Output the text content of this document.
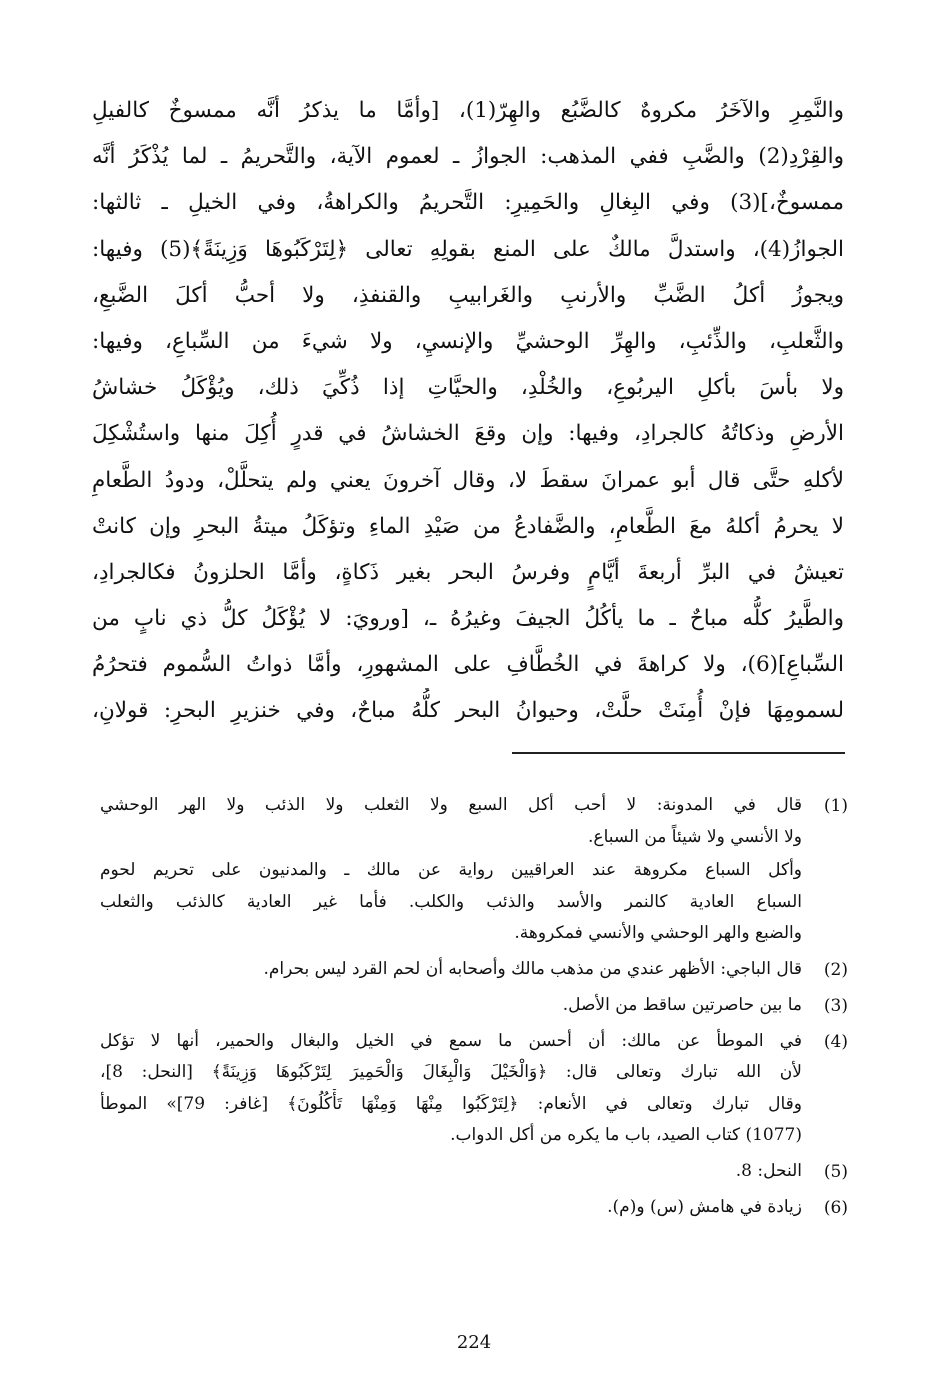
والنَّمِرِ والآخَرُ مكروهٌ كالضَّبُع والهِرّ(1)، [وأمَّا ما يذكرُ أنَّه ممسوخٌ كالفيلِ
والقِرْدِ(2) والضَّبِ ففي المذهب: الجوازُ ـ لعموم الآية، والتَّحريمُ ـ لما يُذْكَرُ أنَّه
ممسوخٌ،](3) وفي البِغالِ والحَمِيرِ: التَّحريمُ والكراهةُ، وفي الخيلِ ـ ثالثها:
الجوازُ(4)، واستدلَّ مالكٌ على المنع بقولِهِ تعالى ﴿لِتَرْكَبُوهَا وَزِينَةً﴾(5) وفيها:
ويجوزُ أكلُ الضَّبِّ والأرنبِ والغَرابيبِ والقنفذِ، ولا أحبُّ أكلَ الضَّبعِ،
والثَّعلبِ، والذِّئبِ، والهِرِّ الوحشيِّ والإنسيِ، ولا شيءَ من السِّباعِ، وفيها:
ولا بأسَ بأكلِ اليربُوعِ، والخُلْدِ، والحيَّاتِ إذا ذُكِّيَ ذلك، ويُؤْكَلُ خشاشُ
الأرضِ وذكاتُهُ كالجرادِ، وفيها: وإن وقعَ الخشاشُ في قدرٍ أُكِلَ منها واستُشْكِلَ
لأكلهِ حتَّى قال أبو عمرانَ سقطَ لا، وقال آخرونَ يعني ولم يتحلَّلْ، ودودُ الطَّعامِ
لا يحرمُ أكلهُ معَ الطَّعامِ، والضَّفادعُ من صَيْدِ الماءِ وتؤكَلُ ميتةُ البحرِ وإن كانتْ
تعيشُ في البرِّ أربعةَ أيَّامٍ وفرسُ البحر بغير ذَكاةٍ، وأمَّا الحلزونُ فكالجرادِ،
والطَّيرُ كلُّه مباحٌ ـ ما يأكُلُ الجيفَ وغيرُهُ ـ، [ورويَ: لا يُؤْكَلُ كلُّ ذي نابٍ من
السِّباعِ](6)، ولا كراهةَ في الخُطَّافِ على المشهورِ، وأمَّا ذواتُ السُّموم فتحرُمُ
لسمومِهَا فإنْ أُمِنَتْ حلَّتْ، وحيوانُ البحر كلُّهُ مباحٌ، وفي خنزيرِ البحرِ: قولانِ،
(1)
قال في المدونة: لا أحب أكل السبع ولا الثعلب ولا الذئب ولا الهر الوحشي
ولا الأنسي ولا شيئاً من السباع.
وأكل السباع مكروهة عند العراقيين رواية عن مالك ـ والمدنيون على تحريم لحوم
السباع العادية كالنمر والأسد والذئب والكلب. فأما غير العادية كالذئب والثعلب
والضبع والهر الوحشي والأنسي فمكروهة.
(2)
قال الباجي: الأظهر عندي من مذهب مالك وأصحابه أن لحم القرد ليس بحرام.
(3)
ما بين حاصرتين ساقط من الأصل.
(4)
في الموطأ عن مالك: أن أحسن ما سمع في الخيل والبغال والحمير، أنها لا تؤكل
لأن الله تبارك وتعالى قال: ﴿وَالْخَيْلَ وَالْبِغَالَ وَالْحَمِيرَ لِتَرْكَبُوهَا وَزِينَةً﴾ [النحل: 8]،
وقال تبارك وتعالى في الأنعام: ﴿لِتَرْكَبُوا مِنْهَا وَمِنْهَا تَأْكُلُونَ﴾ [غافر: 79]» الموطأ
(1077) كتاب الصيد، باب ما يكره من أكل الدواب.
(5)
النحل: 8.
(6)
زيادة في هامش (س) و(م).
224
